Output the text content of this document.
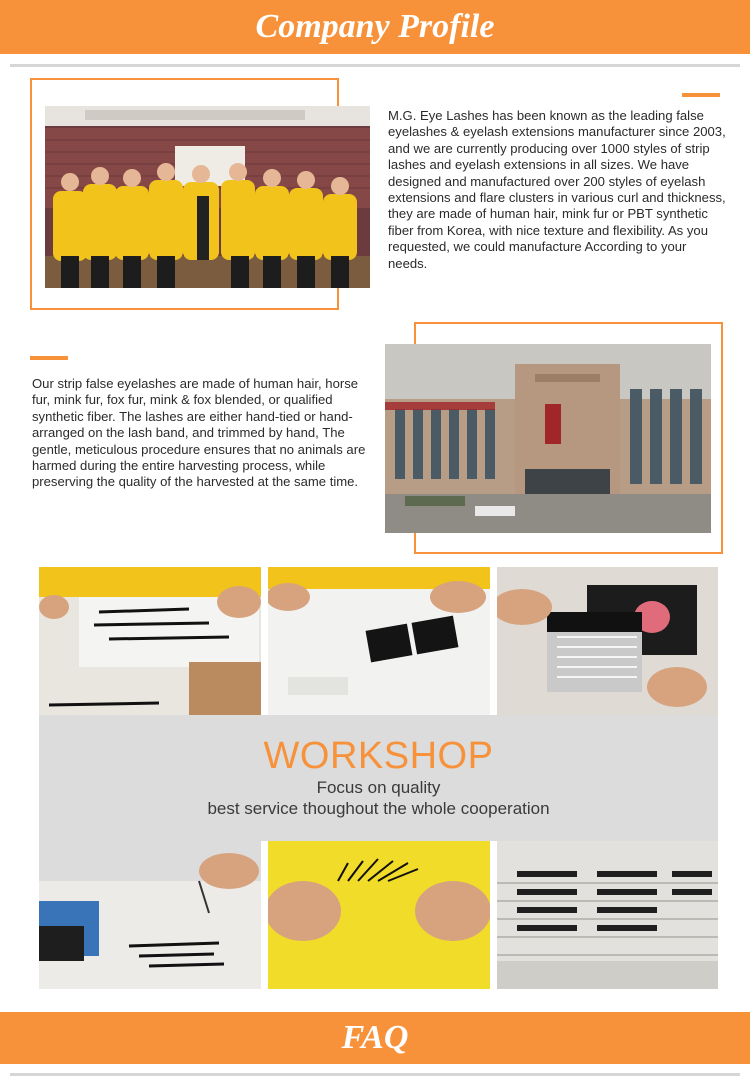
Company Profile

M.G. Eye Lashes has been known as the leading false eyelashes & eyelash extensions manufacturer since 2003, and we are currently producing over 1000 styles of strip lashes and eyelash extensions in all sizes. We have designed and manufactured over 200 styles of eyelash extensions and flare clusters in various curl and thickness, they are made of human hair, mink fur or PBT synthetic fiber from Korea, with nice texture and flexibility. As you requested, we could manufacture According to your needs.

Our strip false eyelashes are made of human hair, horse fur, mink fur, fox fur, mink & fox blended, or qualified synthetic fiber. The lashes are either hand-tied or hand-arranged on the lash band, and trimmed by hand, The gentle, meticulous procedure ensures that no animals are harmed during the entire harvesting process, while preserving the quality of the harvested at the same time.

WORKSHOP

Focus on quality

best service thoughout the whole cooperation

FAQ
